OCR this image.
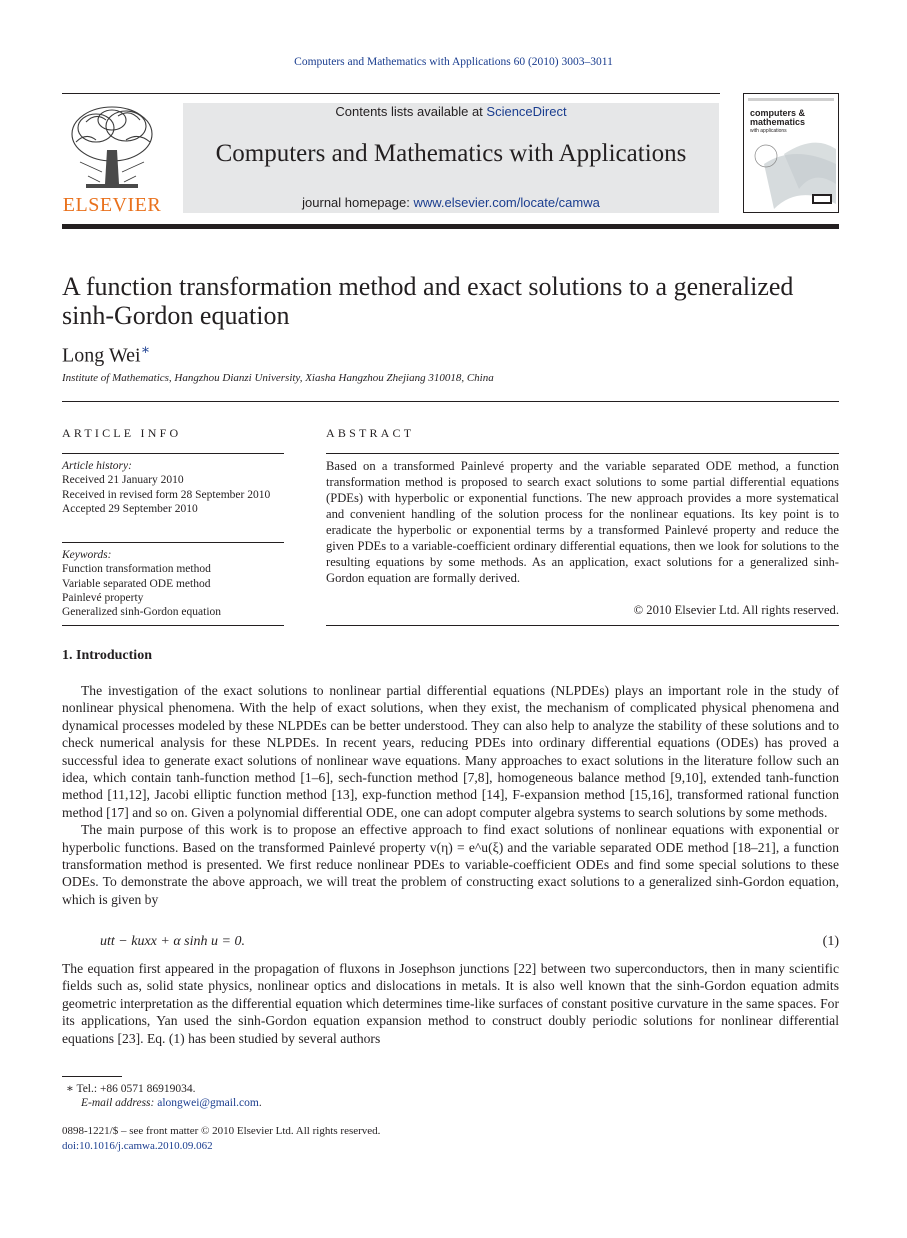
Computers and Mathematics with Applications 60 (2010) 3003–3011
ELSEVIER
Contents lists available at ScienceDirect
Computers and Mathematics with Applications
journal homepage: www.elsevier.com/locate/camwa
computers &
mathematics
with applications
A function transformation method and exact solutions to a generalized sinh-Gordon equation
Long Wei∗
Institute of Mathematics, Hangzhou Dianzi University, Xiasha Hangzhou Zhejiang 310018, China
ARTICLE INFO	ABSTRACT
Article history:
Received 21 January 2010
Received in revised form 28 September 2010
Accepted 29 September 2010
Keywords:
Function transformation method
Variable separated ODE method
Painlevé property
Generalized sinh-Gordon equation
Based on a transformed Painlevé property and the variable separated ODE method, a function transformation method is proposed to search exact solutions to some partial differential equations (PDEs) with hyperbolic or exponential functions. The new approach provides a more systematical and convenient handling of the solution process for the nonlinear equations. Its key point is to eradicate the hyperbolic or exponential terms by a transformed Painlevé property and reduce the given PDEs to a variable-coefficient ordinary differential equations, then we look for solutions to the resulting equations by some methods. As an application, exact solutions for a generalized sinh-Gordon equation are formally derived.
© 2010 Elsevier Ltd. All rights reserved.
1. Introduction

The investigation of the exact solutions to nonlinear partial differential equations (NLPDEs) plays an important role in the study of nonlinear physical phenomena. With the help of exact solutions, when they exist, the mechanism of complicated physical phenomena and dynamical processes modeled by these NLPDEs can be better understood. They can also help to analyze the stability of these solutions and to check numerical analysis for these NLPDEs. In recent years, reducing PDEs into ordinary differential equations (ODEs) has proved a successful idea to generate exact solutions of nonlinear wave equations. Many approaches to exact solutions in the literature follow such an idea, which contain tanh-function method [1–6], sech-function method [7,8], homogeneous balance method [9,10], extended tanh-function method [11,12], Jacobi elliptic function method [13], exp-function method [14], F-expansion method [15,16], transformed rational function method [17] and so on. Given a polynomial differential ODE, one can adopt computer algebra systems to search solutions by some methods.

The main purpose of this work is to propose an effective approach to find exact solutions of nonlinear equations with exponential or hyperbolic functions. Based on the transformed Painlevé property v(η) = e^u(ξ) and the variable separated ODE method [18–21], a function transformation method is presented. We first reduce nonlinear PDEs to variable-coefficient ODEs and find some special solutions to these ODEs. To demonstrate the above approach, we will treat the problem of constructing exact solutions to a generalized sinh-Gordon equation, which is given by

utt − kuxx + α sinh u = 0.	(1)

The equation first appeared in the propagation of fluxons in Josephson junctions [22] between two superconductors, then in many scientific fields such as, solid state physics, nonlinear optics and dislocations in metals. It is also well known that the sinh-Gordon equation admits geometric interpretation as the differential equation which determines time-like surfaces of constant positive curvature in the same spaces. For its applications, Yan used the sinh-Gordon equation expansion method to construct doubly periodic solutions for nonlinear differential equations [23]. Eq. (1) has been studied by several authors

∗ Tel.: +86 0571 86919034.
E-mail address: alongwei@gmail.com.
0898-1221/$ – see front matter © 2010 Elsevier Ltd. All rights reserved.
doi:10.1016/j.camwa.2010.09.062
